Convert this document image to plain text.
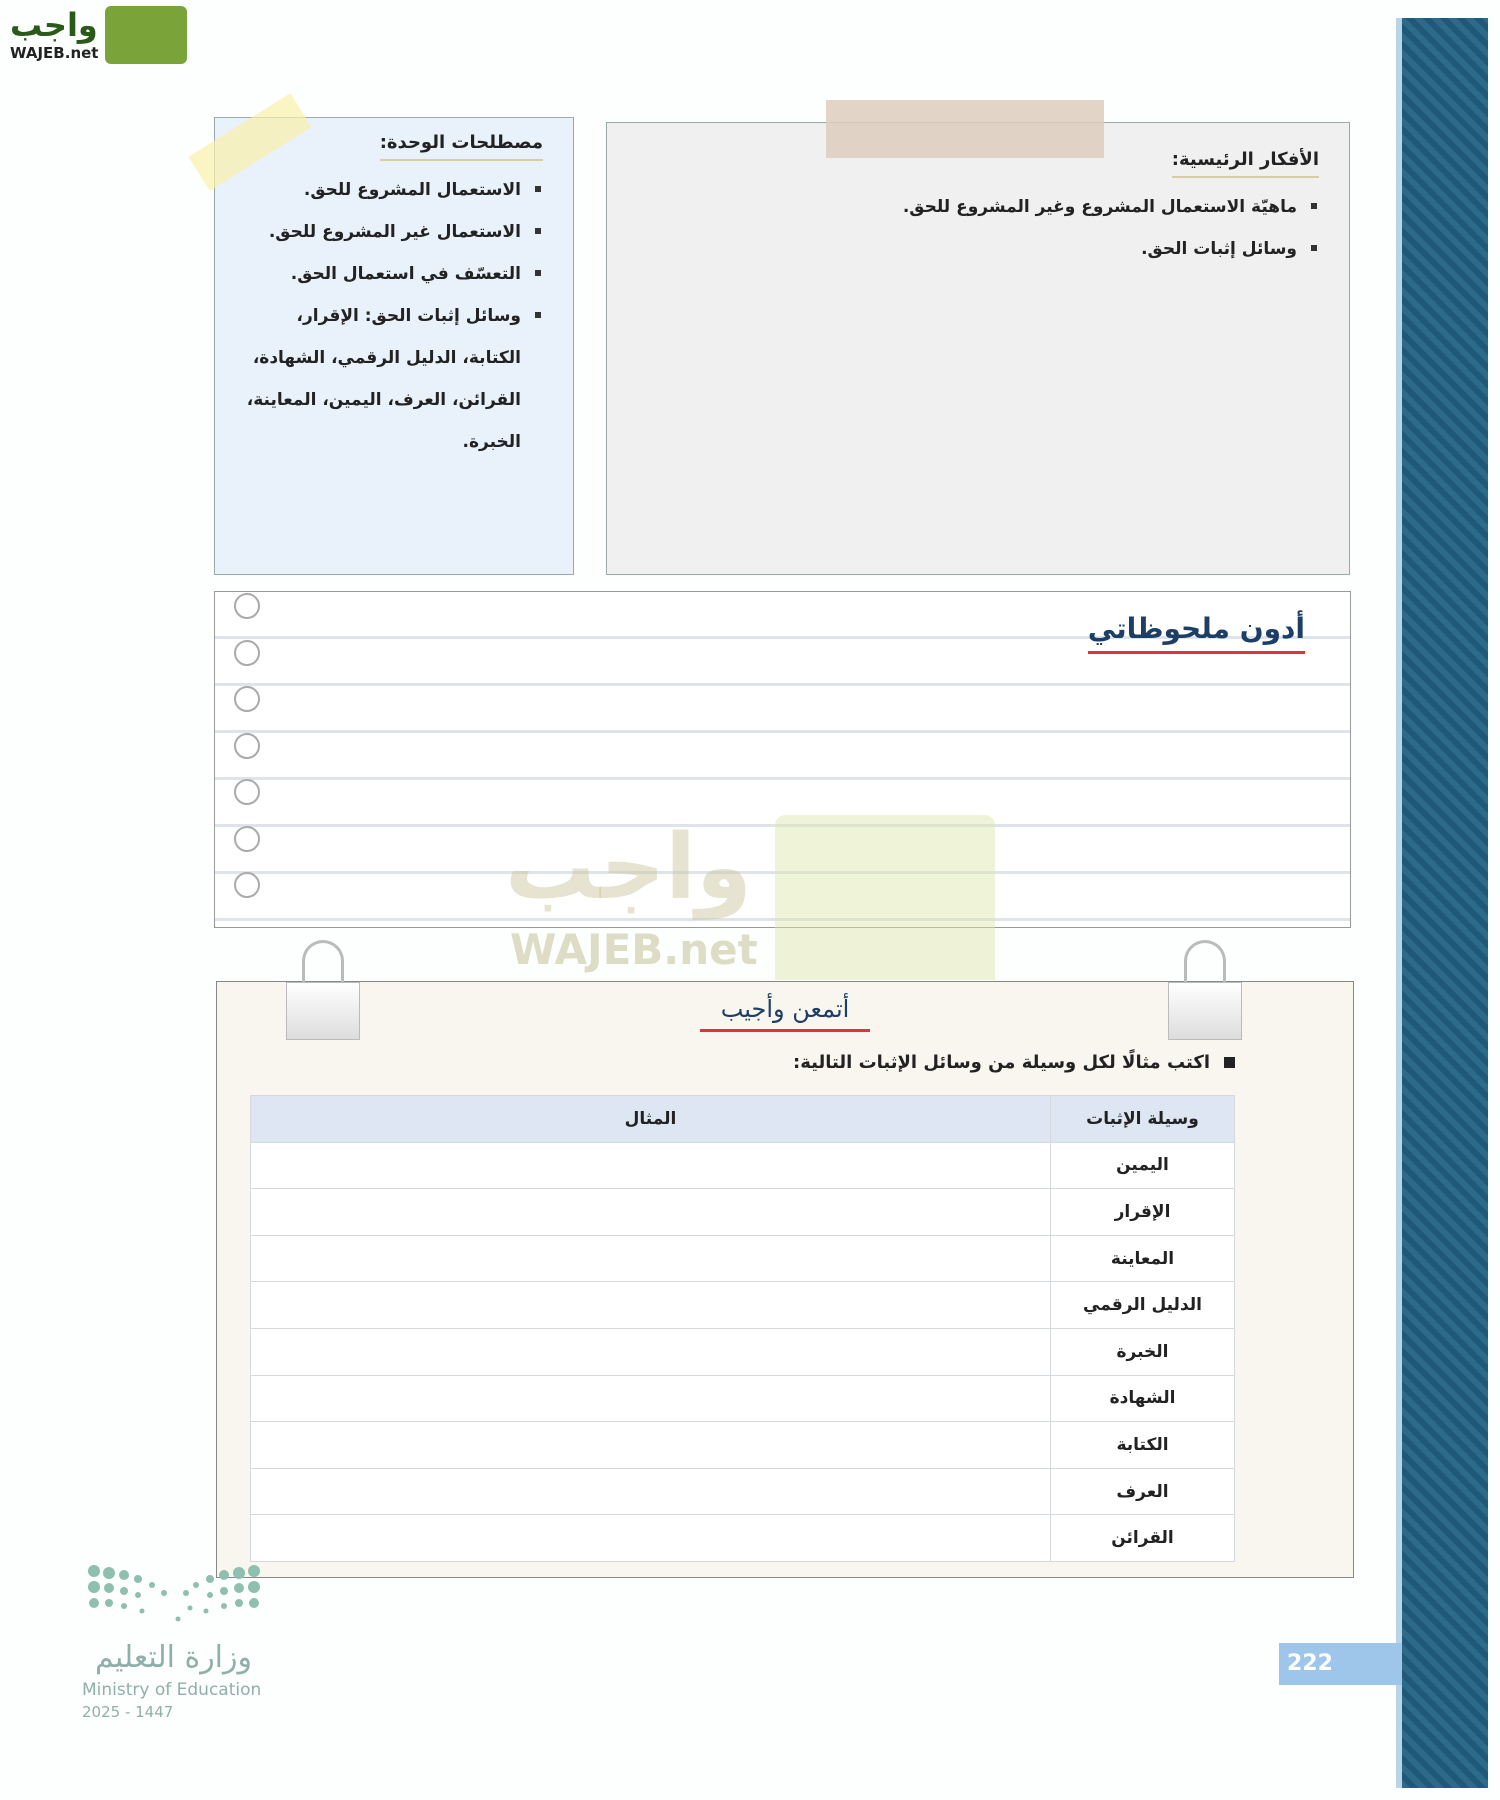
واجب
WAJEB.net
مصطلحات الوحدة:
الاستعمال المشروع للحق.
الاستعمال غير المشروع للحق.
التعسّف في استعمال الحق.
وسائل إثبات الحق: الإقرار، الكتابة، الدليل الرقمي، الشهادة، القرائن، العرف، اليمين، المعاينة، الخبرة.
الأفكار الرئيسية:
ماهيّة الاستعمال المشروع وغير المشروع للحق.
وسائل إثبات الحق.
أدون ملحوظاتي
واجب
WAJEB.net
أتمعن وأجيب
اكتب مثالًا لكل وسيلة من وسائل الإثبات التالية:
وسيلة الإثبات	المثال
اليمين	
الإقرار	
المعاينة	
الدليل الرقمي	
الخبرة	
الشهادة	
الكتابة	
العرف	
القرائن	
222
وزارة التعليم
Ministry of Education
2025 - 1447
